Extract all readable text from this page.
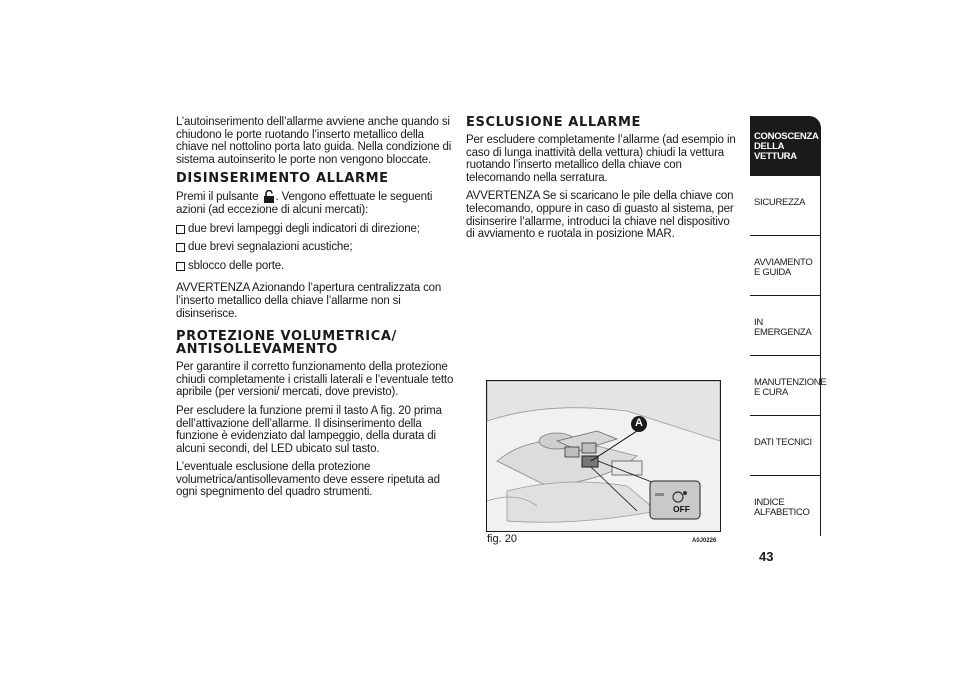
L’autoinserimento dell’allarme avviene anche quando si chiudono le porte ruotando l’inserto metallico della chiave nel nottolino porta lato guida. Nella condizione di sistema autoinserito le porte non vengono bloccate.

DISINSERIMENTO ALLARME

Premi il pulsante . Vengono effettuate le seguenti azioni (ad eccezione di alcuni mercati):

due brevi lampeggi degli indicatori di direzione;
due brevi segnalazioni acustiche;
sblocco delle porte.

AVVERTENZA Azionando l’apertura centralizzata con l’inserto metallico della chiave l’allarme non si disinserisce.

PROTEZIONE VOLUMETRICA/ ANTISOLLEVAMENTO

Per garantire il corretto funzionamento della protezione chiudi completamente i cristalli laterali e l’eventuale tetto apribile (per versioni/ mercati, dove previsto).

Per escludere la funzione premi il tasto A fig. 20 prima dell’attivazione dell’allarme. Il disinserimento della funzione è evidenziato dal lampeggio, della durata di alcuni secondi, del LED ubicato sul tasto.

L’eventuale esclusione della protezione volumetrica/antisollevamento deve essere ripetuta ad ogni spegnimento del quadro strumenti.

ESCLUSIONE ALLARME

Per escludere completamente l’allarme (ad esempio in caso di lunga inattività della vettura) chiudi la vettura ruotando l’inserto metallico della chiave con telecomando nella serratura.

AVVERTENZA Se si scaricano le pile della chiave con telecomando, oppure in caso di guasto al sistema, per disinserire l’allarme, introduci la chiave nel dispositivo di avviamento e ruotala in posizione MAR.

A
OFF
fig. 20	A0J0226
CONOSCENZA DELLA VETTURA
SICUREZZA
AVVIAMENTO E GUIDA
IN EMERGENZA
MANUTENZIONE E CURA
DATI TECNICI
INDICE ALFABETICO
43
